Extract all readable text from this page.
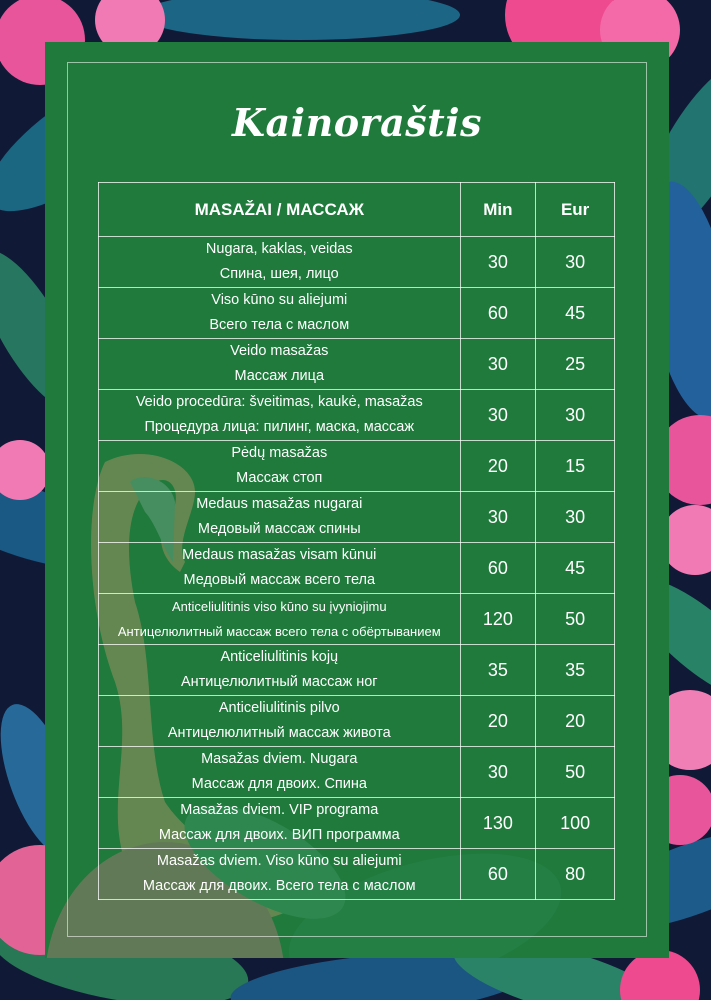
Kainoraštis
MASAŽAI / МАССАЖ	Min	Eur

Nugara, kaklas, veidas
Спина, шея, лицо	30	30

Viso kūno su aliejumi
Всего тела с маслом	60	45

Veido masažas
Массаж лица	30	25

Veido procedūra: šveitimas, kaukė, masažas
Процедура лица: пилинг, маска, массаж	30	30

Pėdų masažas
Массаж стоп	20	15

Medaus masažas nugarai
Медовый массаж спины	30	30

Medaus masažas visam kūnui
Медовый массаж всего тела	60	45

Anticeliulitinis viso kūno su įvyniojimu
Антицелюлитный массаж всего тела с обёртыванием	120	50

Anticeliulitinis kojų
Антицелюлитный массаж ног	35	35

Anticeliulitinis pilvo
Антицелюлитный массаж живота	20	20

Masažas dviem. Nugara
Массаж для двоих. Спина	30	50

Masažas dviem. VIP programa
Массаж для двоих. ВИП программа	130	100

Masažas dviem. Viso kūno su aliejumi
Массаж для двоих. Всего тела с маслом	60	80
